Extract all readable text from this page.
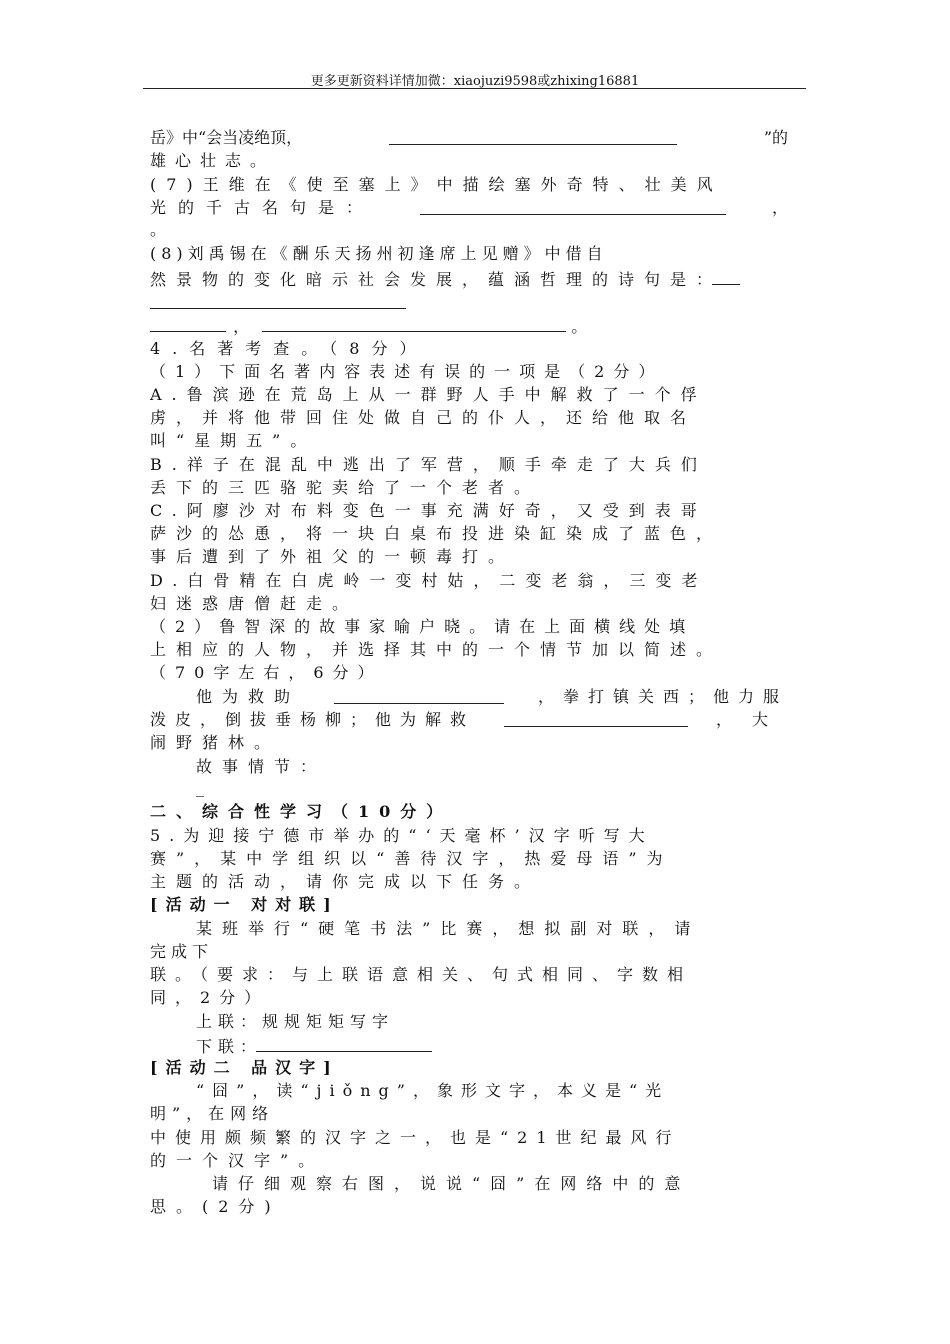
更多更新资料详情加微：xiaojuzi9598或zhixing16881
岳》中“会当凌绝顶，	”的
雄心壮志。
(7)王维在《使至塞上》中描绘塞外奇特、壮美风
光的千古名句是：	，
。
(8)刘禹锡在《酬乐天扬州初逢席上见赠》中借自
然景物的变化暗示社会发展，蕴涵哲理的诗句是：
，	。
4.名著考查。（8分）
（1）下面名著内容表述有误的一项是（2分）
A.鲁滨逊在荒岛上从一群野人手中解救了一个俘
虏，并将他带回住处做自己的仆人，还给他取名
叫“星期五”。
B.祥子在混乱中逃出了军营，顺手牵走了大兵们
丢下的三匹骆驼卖给了一个老者。
C.阿廖沙对布料变色一事充满好奇，又受到表哥
萨沙的怂恿，将一块白桌布投进染缸染成了蓝色，
事后遭到了外祖父的一顿毒打。
D.白骨精在白虎岭一变村姑，二变老翁，三变老
妇迷惑唐僧赶走。
（2）鲁智深的故事家喻户晓。请在上面横线处填
上相应的人物，并选择其中的一个情节加以简述。
（70字左右，6分）
他为救助	，拳打镇关西；他力服
泼皮，倒拔垂杨柳；他为解救	，大
闹野猪林。
故事情节：
_
二、综合性学习（10分）
5.为迎接宁德市举办的“‘天毫杯’汉字听写大
赛”，某中学组织以“善待汉字，热爱母语”为
主题的活动，请你完成以下任务。
[活动一 对对联]
某班举行“硬笔书法”比赛，想拟副对联，请
完成下
联。（要求：与上联语意相关、句式相同、字数相
同，2分）
上联：规规矩矩写字
下联：
[活动二 品汉字]
“囧”，读“jiǒng”，象形文字，本义是“光
明”，在网络
中使用颇频繁的汉字之一，也是“21世纪最风行
的一个汉字”。
请仔细观察右图，说说“囧”在网络中的意
思。(2分)
